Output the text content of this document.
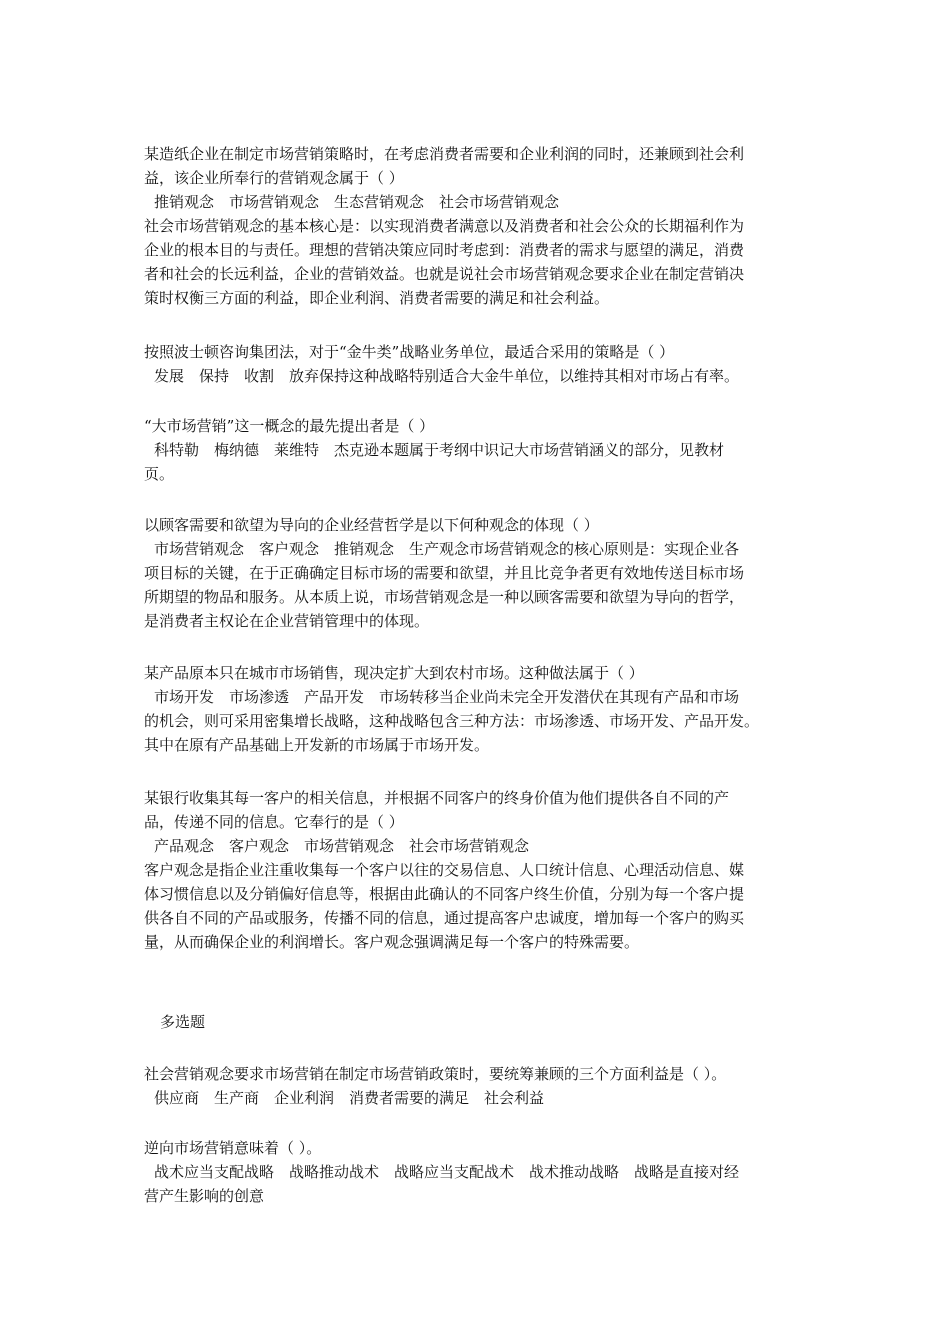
某造纸企业在制定市场营销策略时，在考虑消费者需要和企业利润的同时，还兼顾到社会利
益，该企业所奉行的营销观念属于（ ）
推销观念　市场营销观念　生态营销观念　社会市场营销观念
社会市场营销观念的基本核心是：以实现消费者满意以及消费者和社会公众的长期福利作为
企业的根本目的与责任。理想的营销决策应同时考虑到：消费者的需求与愿望的满足，消费
者和社会的长远利益，企业的营销效益。也就是说社会市场营销观念要求企业在制定营销决
策时权衡三方面的利益，即企业利润、消费者需要的满足和社会利益。
按照波士顿咨询集团法，对于“金牛类”战略业务单位，最适合采用的策略是（ ）
发展　保持　收割　放弃保持这种战略特别适合大金牛单位，以维持其相对市场占有率。
“大市场营销”这一概念的最先提出者是（ ）
科特勒　梅纳德　莱维特　杰克逊本题属于考纲中识记大市场营销涵义的部分，见教材
页。
以顾客需要和欲望为导向的企业经营哲学是以下何种观念的体现（ ）
市场营销观念　客户观念　推销观念　生产观念市场营销观念的核心原则是：实现企业各
项目标的关键，在于正确确定目标市场的需要和欲望，并且比竞争者更有效地传送目标市场
所期望的物品和服务。从本质上说，市场营销观念是一种以顾客需要和欲望为导向的哲学，
是消费者主权论在企业营销管理中的体现。
某产品原本只在城市市场销售，现决定扩大到农村市场。这种做法属于（ ）
市场开发　市场渗透　产品开发　市场转移当企业尚未完全开发潜伏在其现有产品和市场
的机会，则可采用密集增长战略，这种战略包含三种方法：市场渗透、市场开发、产品开发。
其中在原有产品基础上开发新的市场属于市场开发。
某银行收集其每一客户的相关信息，并根据不同客户的终身价值为他们提供各自不同的产
品，传递不同的信息。它奉行的是（ ）
产品观念　客户观念　市场营销观念　社会市场营销观念
客户观念是指企业注重收集每一个客户以往的交易信息、人口统计信息、心理活动信息、媒
体习惯信息以及分销偏好信息等，根据由此确认的不同客户终生价值，分别为每一个客户提
供各自不同的产品或服务，传播不同的信息，通过提高客户忠诚度，增加每一个客户的购买
量，从而确保企业的利润增长。客户观念强调满足每一个客户的特殊需要。
多选题
社会营销观念要求市场营销在制定市场营销政策时，要统筹兼顾的三个方面利益是（ ）。
供应商　生产商　企业利润　消费者需要的满足　社会利益
逆向市场营销意味着（ ）。
战术应当支配战略　战略推动战术　战略应当支配战术　战术推动战略　战略是直接对经
营产生影响的创意
